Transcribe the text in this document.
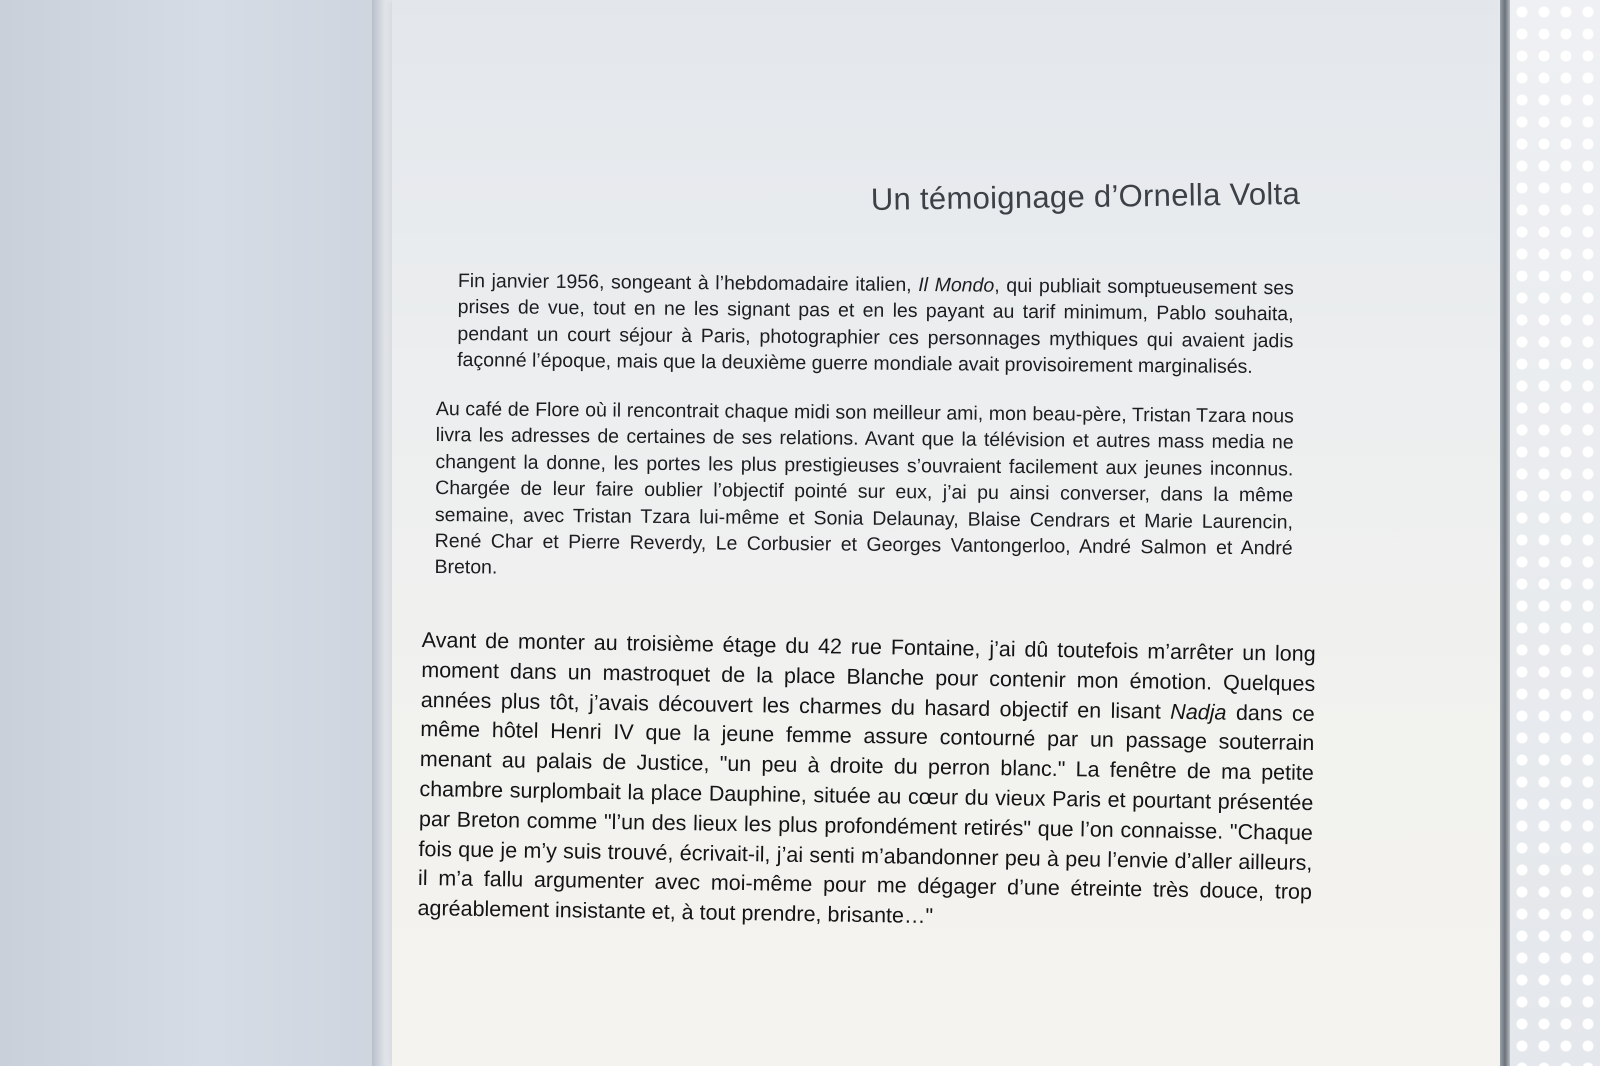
Un témoignage d’Ornella Volta

Fin janvier 1956, songeant à l’hebdomadaire italien, Il Mondo, qui publiait somptueusement ses prises de vue, tout en ne les signant pas et en les payant au tarif minimum, Pablo souhaita, pendant un court séjour à Paris, photographier ces personnages mythiques qui avaient jadis façonné l’époque, mais que la deuxième guerre mondiale avait provisoirement marginalisés.

Au café de Flore où il rencontrait chaque midi son meilleur ami, mon beau-père, Tristan Tzara nous livra les adresses de certaines de ses relations. Avant que la télévision et autres mass media ne changent la donne, les portes les plus prestigieuses s’ouvraient facilement aux jeunes inconnus. Chargée de leur faire oublier l’objectif pointé sur eux, j’ai pu ainsi converser, dans la même semaine, avec Tristan Tzara lui-même et Sonia Delaunay, Blaise Cendrars et Marie Laurencin, René Char et Pierre Reverdy, Le Corbusier et Georges Vantongerloo, André Salmon et André Breton.

Avant de monter au troisième étage du 42 rue Fontaine, j’ai dû toutefois m’arrêter un long moment dans un mastroquet de la place Blanche pour contenir mon émotion. Quelques années plus tôt, j’avais découvert les charmes du hasard objectif en lisant Nadja dans ce même hôtel Henri IV que la jeune femme assure contourné par un passage souterrain menant au palais de Justice, "un peu à droite du perron blanc." La fenêtre de ma petite chambre surplombait la place Dauphine, située au cœur du vieux Paris et pourtant présentée par Breton comme "l’un des lieux les plus profondément retirés" que l’on connaisse. "Chaque fois que je m’y suis trouvé, écrivait-il, j’ai senti m’abandonner peu à peu l’envie d’aller ailleurs, il m’a fallu argumenter avec moi-même pour me dégager d’une étreinte très douce, trop agréablement insistante et, à tout prendre, brisante…"
